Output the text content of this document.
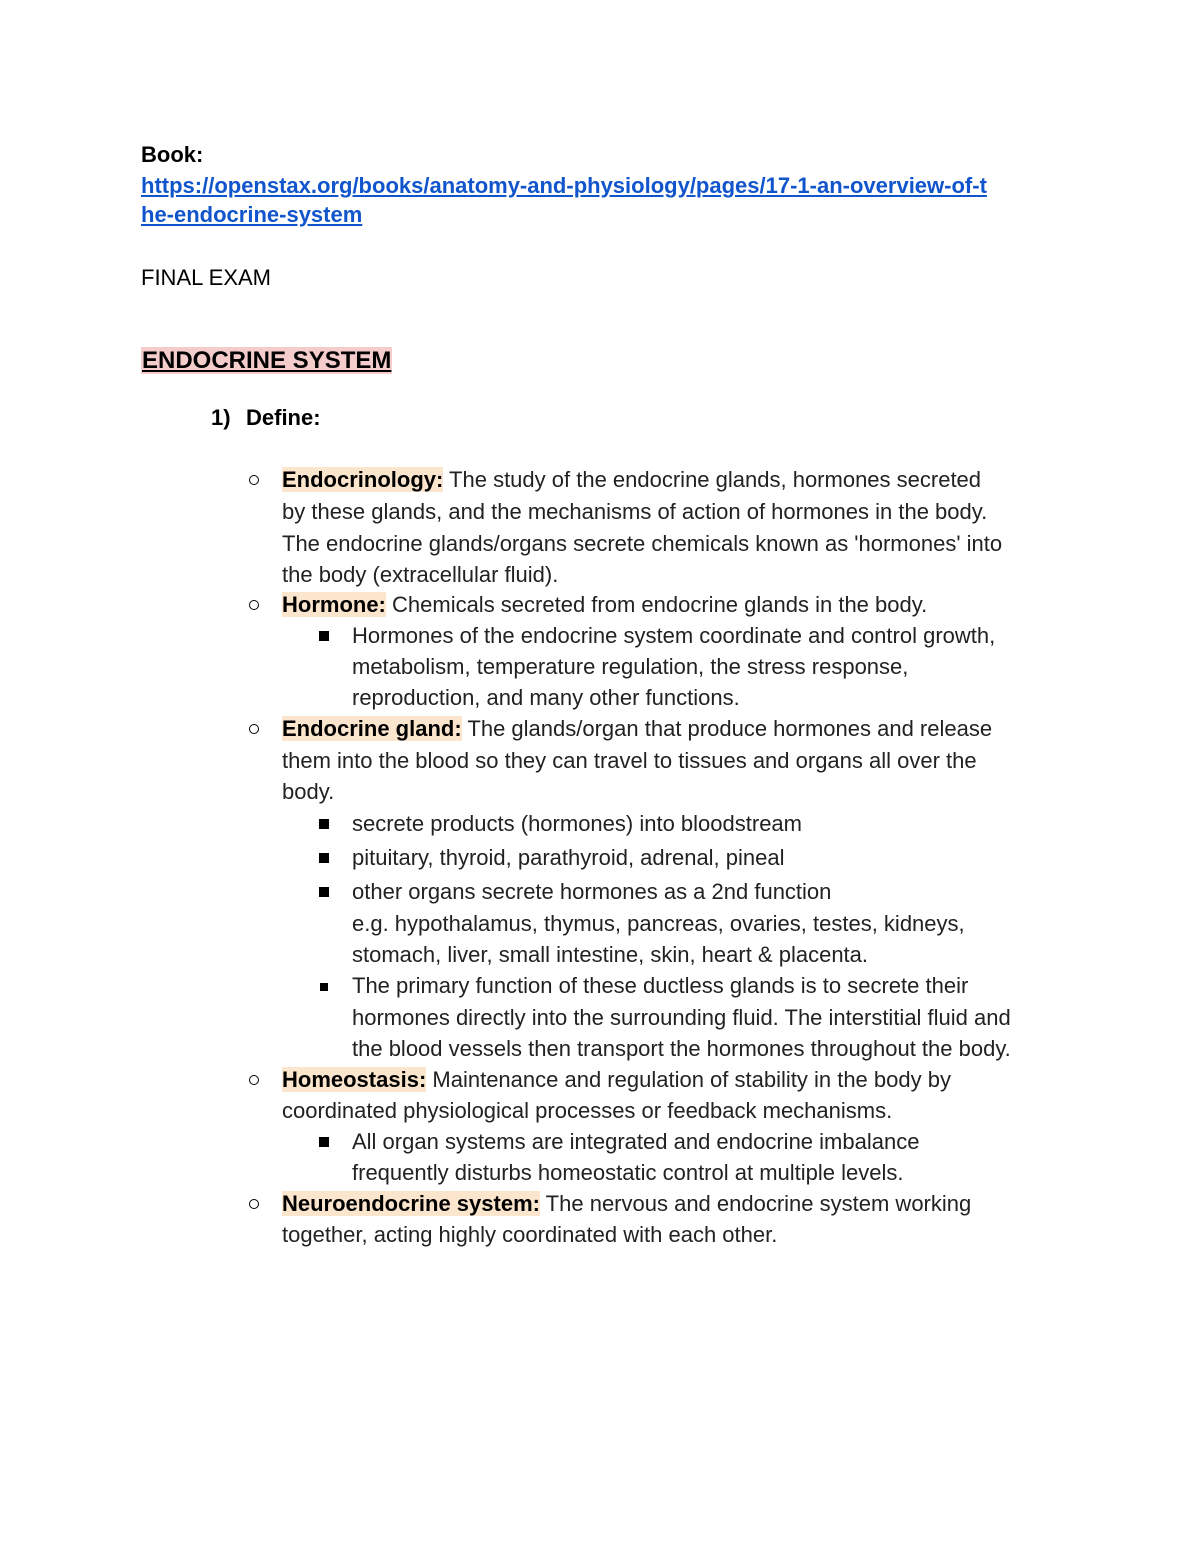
Book:
https://openstax.org/books/anatomy-and-physiology/pages/17-1-an-overview-of-t
he-endocrine-system
FINAL EXAM
ENDOCRINE SYSTEM
1) Define:
Endocrinology: The study of the endocrine glands, hormones secreted
by these glands, and the mechanisms of action of hormones in the body.
The endocrine glands/organs secrete chemicals known as 'hormones' into
the body (extracellular fluid).
Hormone: Chemicals secreted from endocrine glands in the body.
Hormones of the endocrine system coordinate and control growth,
metabolism, temperature regulation, the stress response,
reproduction, and many other functions.
Endocrine gland: The glands/organ that produce hormones and release
them into the blood so they can travel to tissues and organs all over the
body.
secrete products (hormones) into bloodstream
pituitary, thyroid, parathyroid, adrenal, pineal
other organs secrete hormones as a 2nd function
e.g. hypothalamus, thymus, pancreas, ovaries, testes, kidneys,
stomach, liver, small intestine, skin, heart & placenta.
The primary function of these ductless glands is to secrete their
hormones directly into the surrounding fluid. The interstitial fluid and
the blood vessels then transport the hormones throughout the body.
Homeostasis: Maintenance and regulation of stability in the body by
coordinated physiological processes or feedback mechanisms.
All organ systems are integrated and endocrine imbalance
frequently disturbs homeostatic control at multiple levels.
Neuroendocrine system: The nervous and endocrine system working
together, acting highly coordinated with each other.
